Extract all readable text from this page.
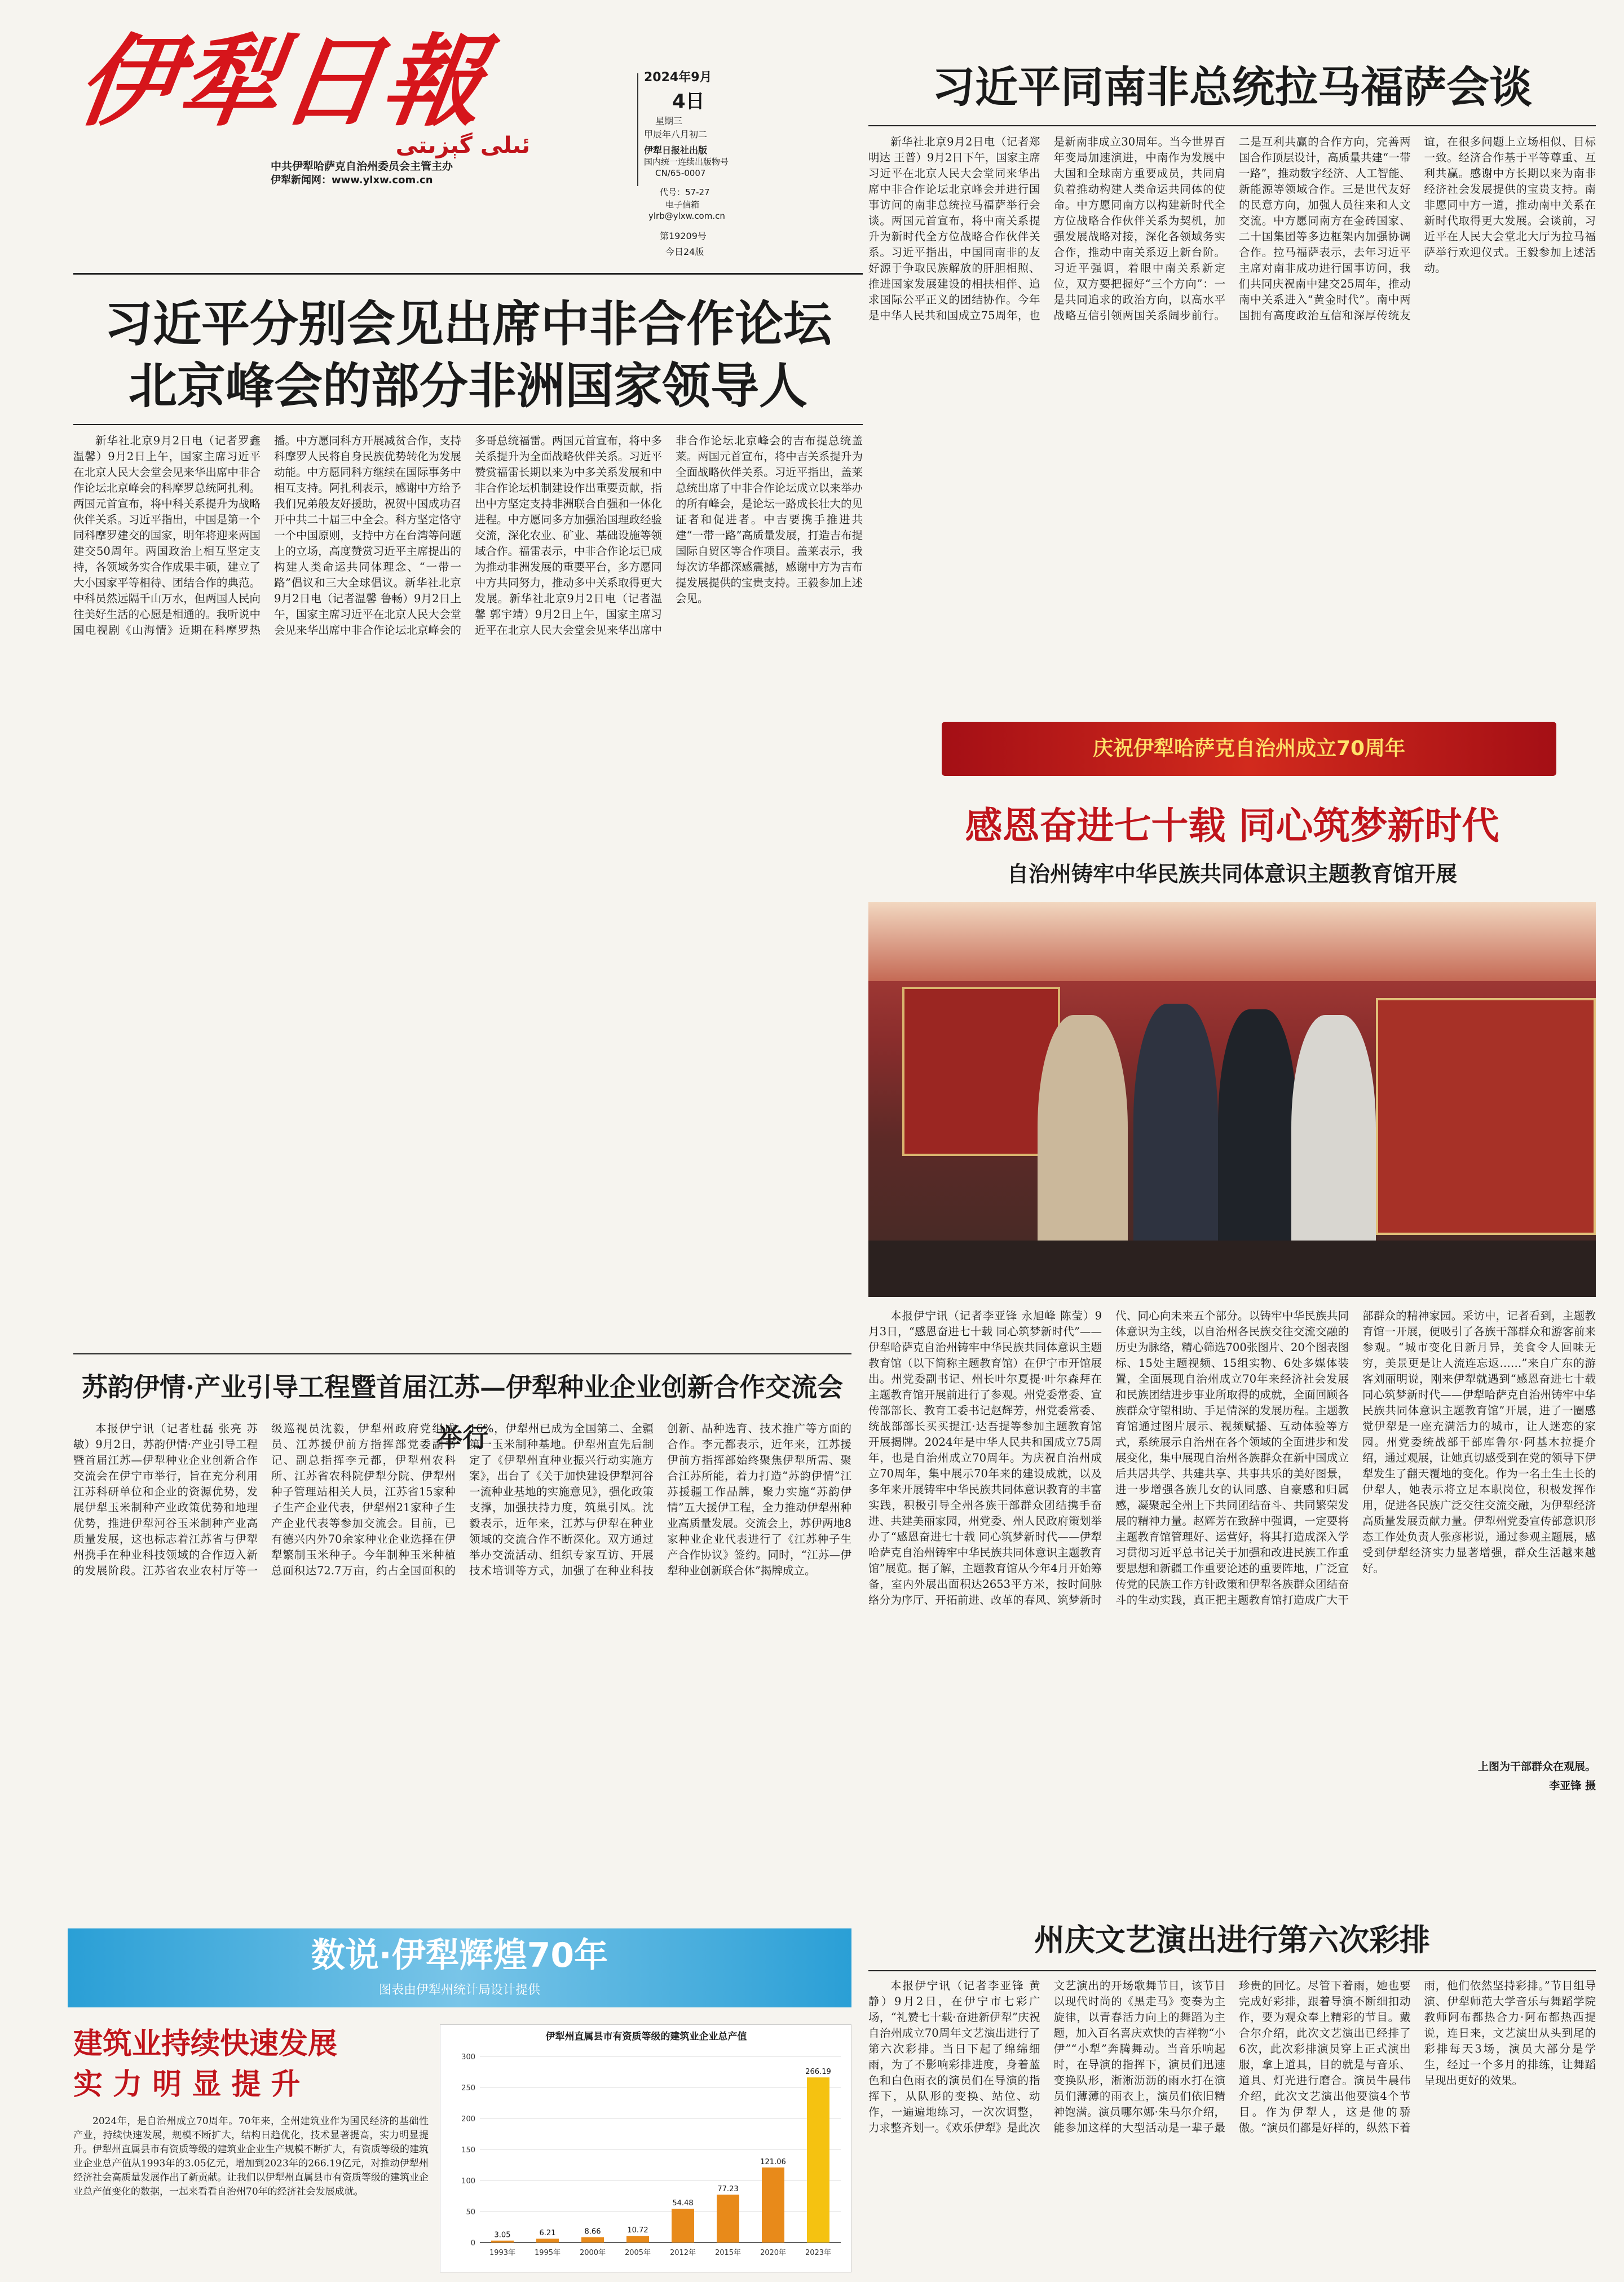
伊犁日報
ئىلى گېزىتى
中共伊犁哈萨克自治州委员会主管主办
伊犁新闻网：www.ylxw.com.cn
2024年9月
4日
星期三
甲辰年八月初二
伊犁日报社出版
国内统一连续出版物号
CN/65-0007
代号：57-27
电子信箱
ylrb@ylxw.com.cn
第19209号
今日24版
习近平同南非总统拉马福萨会谈

新华社北京9月2日电（记者郑明达 王普）9月2日下午，国家主席习近平在北京人民大会堂同来华出席中非合作论坛北京峰会并进行国事访问的南非总统拉马福萨举行会谈。两国元首宣布，将中南关系提升为新时代全方位战略合作伙伴关系。习近平指出，中国同南非的友好源于争取民族解放的肝胆相照、推进国家发展建设的相扶相伴、追求国际公平正义的团结协作。今年是中华人民共和国成立75周年，也是新南非成立30周年。当今世界百年变局加速演进，中南作为发展中大国和全球南方重要成员，共同肩负着推动构建人类命运共同体的使命。中方愿同南方以构建新时代全方位战略合作伙伴关系为契机，加强发展战略对接，深化各领域务实合作，推动中南关系迈上新台阶。习近平强调，着眼中南关系新定位，双方要把握好“三个方向”：一是共同追求的政治方向，以高水平战略互信引领两国关系阔步前行。二是互利共赢的合作方向，完善两国合作顶层设计，高质量共建“一带一路”，推动数字经济、人工智能、新能源等领域合作。三是世代友好的民意方向，加强人员往来和人文交流。中方愿同南方在金砖国家、二十国集团等多边框架内加强协调合作。拉马福萨表示，去年习近平主席对南非成功进行国事访问，我们共同庆祝南中建交25周年，推动南中关系进入“黄金时代”。南中两国拥有高度政治互信和深厚传统友谊，在很多问题上立场相似、目标一致。经济合作基于平等尊重、互利共赢。感谢中方长期以来为南非经济社会发展提供的宝贵支持。南非愿同中方一道，推动南中关系在新时代取得更大发展。会谈前，习近平在人民大会堂北大厅为拉马福萨举行欢迎仪式。王毅参加上述活动。

习近平分别会见出席中非合作论坛
北京峰会的部分非洲国家领导人

新华社北京9月2日电（记者罗鑫 温馨）9月2日上午，国家主席习近平在北京人民大会堂会见来华出席中非合作论坛北京峰会的科摩罗总统阿扎利。两国元首宣布，将中科关系提升为战略伙伴关系。习近平指出，中国是第一个同科摩罗建交的国家，明年将迎来两国建交50周年。两国政治上相互坚定支持，各领域务实合作成果丰硕，建立了大小国家平等相待、团结合作的典范。中科员然远隔千山万水，但两国人民向往美好生活的心愿是相通的。我听说中国电视剧《山海情》近期在科摩罗热播。中方愿同科方开展减贫合作，支持科摩罗人民将自身民族优势转化为发展动能。中方愿同科方继续在国际事务中相互支持。阿扎利表示，感谢中方给予我们兄弟般友好援助，祝贺中国成功召开中共二十届三中全会。科方坚定恪守一个中国原则，支持中方在台湾等问题上的立场，高度赞赏习近平主席提出的构建人类命运共同体理念、“一带一路”倡议和三大全球倡议。新华社北京9月2日电（记者温馨 鲁畅）9月2日上午，国家主席习近平在北京人民大会堂会见来华出席中非合作论坛北京峰会的多哥总统福雷。两国元首宣布，将中多关系提升为全面战略伙伴关系。习近平赞赏福雷长期以来为中多关系发展和中非合作论坛机制建设作出重要贡献，指出中方坚定支持非洲联合自强和一体化进程。中方愿同多方加强治国理政经验交流，深化农业、矿业、基础设施等领域合作。福雷表示，中非合作论坛已成为推动非洲发展的重要平台，多方愿同中方共同努力，推动多中关系取得更大发展。新华社北京9月2日电（记者温馨 郭宇靖）9月2日上午，国家主席习近平在北京人民大会堂会见来华出席中非合作论坛北京峰会的吉布提总统盖莱。两国元首宣布，将中吉关系提升为全面战略伙伴关系。习近平指出，盖莱总统出席了中非合作论坛成立以来举办的所有峰会，是论坛一路成长壮大的见证者和促进者。中吉要携手推进共建“一带一路”高质量发展，打造吉布提国际自贸区等合作项目。盖莱表示，我每次访华都深感震撼，感谢中方为吉布提发展提供的宝贵支持。王毅参加上述会见。

庆祝伊犁哈萨克自治州成立70周年
感恩奋进七十载 同心筑梦新时代
自治州铸牢中华民族共同体意识主题教育馆开展

本报伊宁讯（记者李亚锋 永旭峰 陈莹）9月3日，“感恩奋进七十载 同心筑梦新时代”——伊犁哈萨克自治州铸牢中华民族共同体意识主题教育馆（以下简称主题教育馆）在伊宁市开馆展出。州党委副书记、州长叶尔夏提·叶尔森拜在主题教育馆开展前进行了参观。州党委常委、宣传部部长、教育工委书记赵辉芳，州党委常委、统战部部长买买提江·达吾提等参加主题教育馆开展揭牌。2024年是中华人民共和国成立75周年，也是自治州成立70周年。为庆祝自治州成立70周年，集中展示70年来的建设成就，以及多年来开展铸牢中华民族共同体意识教育的丰富实践，积极引导全州各族干部群众团结携手奋进、共建美丽家园，州党委、州人民政府策划举办了“感恩奋进七十载 同心筑梦新时代——伊犁哈萨克自治州铸牢中华民族共同体意识主题教育馆”展览。据了解，主题教育馆从今年4月开始筹备，室内外展出面积达2653平方米，按时间脉络分为序厅、开拓前进、改革的春风、筑梦新时代、同心向未来五个部分。以铸牢中华民族共同体意识为主线，以自治州各民族交往交流交融的历史为脉络，精心筛选700张图片、20个图表图标、15处主题视频、15组实物、6处多媒体装置，全面展现自治州成立70年来经济社会发展和民族团结进步事业所取得的成就，全面回顾各族群众守望相助、手足情深的发展历程。主题教育馆通过图片展示、视频赋播、互动体验等方式，系统展示自治州在各个领域的全面进步和发展变化，集中展现自治州各族群众在新中国成立后共居共学、共建共享、共事共乐的美好图景，进一步增强各族儿女的认同感、自豪感和归属感，凝聚起全州上下共同团结奋斗、共同繁荣发展的精神力量。赵辉芳在致辞中强调，一定要将主题教育馆管理好、运营好，将其打造成深入学习贯彻习近平总书记关于加强和改进民族工作重要思想和新疆工作重要论述的重要阵地，广泛宣传党的民族工作方针政策和伊犁各族群众团结奋斗的生动实践，真正把主题教育馆打造成广大干部群众的精神家园。采访中，记者看到，主题教育馆一开展，便吸引了各族干部群众和游客前来参观。“城市变化日新月异，美食令人回味无穷，美景更是让人流连忘返……”来自广东的游客刘丽明说，刚来伊犁就遇到“感恩奋进七十载 同心筑梦新时代——伊犁哈萨克自治州铸牢中华民族共同体意识主题教育馆”开展，进了一圈感觉伊犁是一座充满活力的城市，让人迷恋的家园。州党委统战部干部库鲁尔·阿基木拉提介绍，通过观展，让她真切感受到在党的领导下伊犁发生了翻天覆地的变化。作为一名土生土长的伊犁人，她表示将立足本职岗位，积极发挥作用，促进各民族广泛交往交流交融，为伊犁经济高质量发展贡献力量。伊犁州党委宣传部意识形态工作处负责人张彦彬说，通过参观主题展，感受到伊犁经济实力显著增强，群众生活越来越好。

上图为干部群众在观展。
李亚锋 摄
苏韵伊情·产业引导工程暨首届江苏—伊犁种业企业创新合作交流会举行

本报伊宁讯（记者杜磊 张亮 苏敏）9月2日，苏韵伊情·产业引导工程暨首届江苏—伊犁种业企业创新合作交流会在伊宁市举行，旨在充分利用江苏科研单位和企业的资源优势，发展伊犁玉米制种产业政策优势和地理优势，推进伊犁河谷玉米制种产业高质量发展，这也标志着江苏省与伊犁州携手在种业科技领域的合作迈入新的发展阶段。江苏省农业农村厅等一级巡视员沈毅，伊犁州政府党组成员、江苏援伊前方指挥部党委副书记、副总指挥李元都，伊犁州农科所、江苏省农科院伊犁分院、伊犁州种子管理站相关人员，江苏省15家种子生产企业代表，伊犁州21家种子生产企业代表等参加交流会。目前，已有德兴内外70余家种业企业选择在伊犁繁制玉米种子。今年制种玉米种植总面积达72.7万亩，约占全国面积的16%，伊犁州已成为全国第二、全疆第一玉米制种基地。伊犁州直先后制定了《伊犁州直种业振兴行动实施方案》，出台了《关于加快建设伊犁河谷一流种业基地的实施意见》，强化政策支撑，加强扶持力度，筑巢引凤。沈毅表示，近年来，江苏与伊犁在种业领域的交流合作不断深化。双方通过举办交流活动、组织专家互访、开展技术培训等方式，加强了在种业科技创新、品种选育、技术推广等方面的合作。李元都表示，近年来，江苏援伊前方指挥部始终聚焦伊犁所需、聚合江苏所能，着力打造“苏韵伊情”江苏援疆工作品牌，聚力实施“苏韵伊情”五大援伊工程，全力推动伊犁州种业高质量发展。交流会上，苏伊两地8家种业企业代表进行了《江苏种子生产合作协议》签约。同时，“江苏—伊犁种业创新联合体”揭牌成立。

数说·伊犁辉煌70年
图表由伊犁州统计局设计提供
建筑业持续快速发展
实 力 明 显 提 升

2024年，是自治州成立70周年。70年来，全州建筑业作为国民经济的基础性产业，持续快速发展，规模不断扩大，结构日趋优化，技术显著提高，实力明显提升。伊犁州直属县市有资质等级的建筑业企业生产规模不断扩大，有资质等级的建筑业企业总产值从1993年的3.05亿元，增加到2023年的266.19亿元，对推动伊犁州经济社会高质量发展作出了新贡献。让我们以伊犁州直属县市有资质等级的建筑业企业总产值变化的数据，一起来看看自治州70年的经济社会发展成就。

伊犁州直属县市有资质等级的建筑业企业总产值
0
50
100
150
200
250
300
3.05
1993年
6.21
1995年
8.66
2000年
10.72
2005年
54.48
2012年
77.23
2015年
121.06
2020年
266.19
2023年
州庆文艺演出进行第六次彩排

本报伊宁讯（记者李亚锋 黄静）9月2日，在伊宁市七彩广场，“礼赞七十载·奋进新伊犁”庆祝自治州成立70周年文艺演出进行了第六次彩排。当日下起了绵绵细雨，为了不影响彩排进度，身着蓝色和白色雨衣的演员们在导演的指挥下，从队形的变换、站位、动作，一遍遍地练习，一次次调整，力求整齐划一。《欢乐伊犁》是此次文艺演出的开场歌舞节目，该节目以现代时尚的《黑走马》变奏为主旋律，以青春活力向上的舞蹈为主题，加入百名喜庆欢快的吉祥物“小伊”“小犁”奔腾舞动。当音乐响起时，在导演的指挥下，演员们迅速变换队形，淅淅沥沥的雨水打在演员们薄薄的雨衣上，演员们依旧精神饱满。演员哪尔娜·朱马尔介绍，能参加这样的大型活动是一辈子最珍贵的回忆。尽管下着雨，她也要完成好彩排，跟着导演不断细扣动作，要为观众奉上精彩的节目。戴合尔介绍，此次文艺演出已经排了6次，此次彩排演员穿上正式演出服，拿上道具，目的就是与音乐、道具、灯光进行磨合。演员牛晨伟介绍，此次文艺演出他要演4个节目。作为伊犁人，这是他的骄傲。“演员们都是好样的，纵然下着雨，他们依然坚持彩排。”节目组导演、伊犁师范大学音乐与舞蹈学院教师阿布都热合力·阿布都热西提说，连日来，文艺演出从头到尾的彩排每天3场，演员大部分是学生，经过一个多月的排练，让舞蹈呈现出更好的效果。
